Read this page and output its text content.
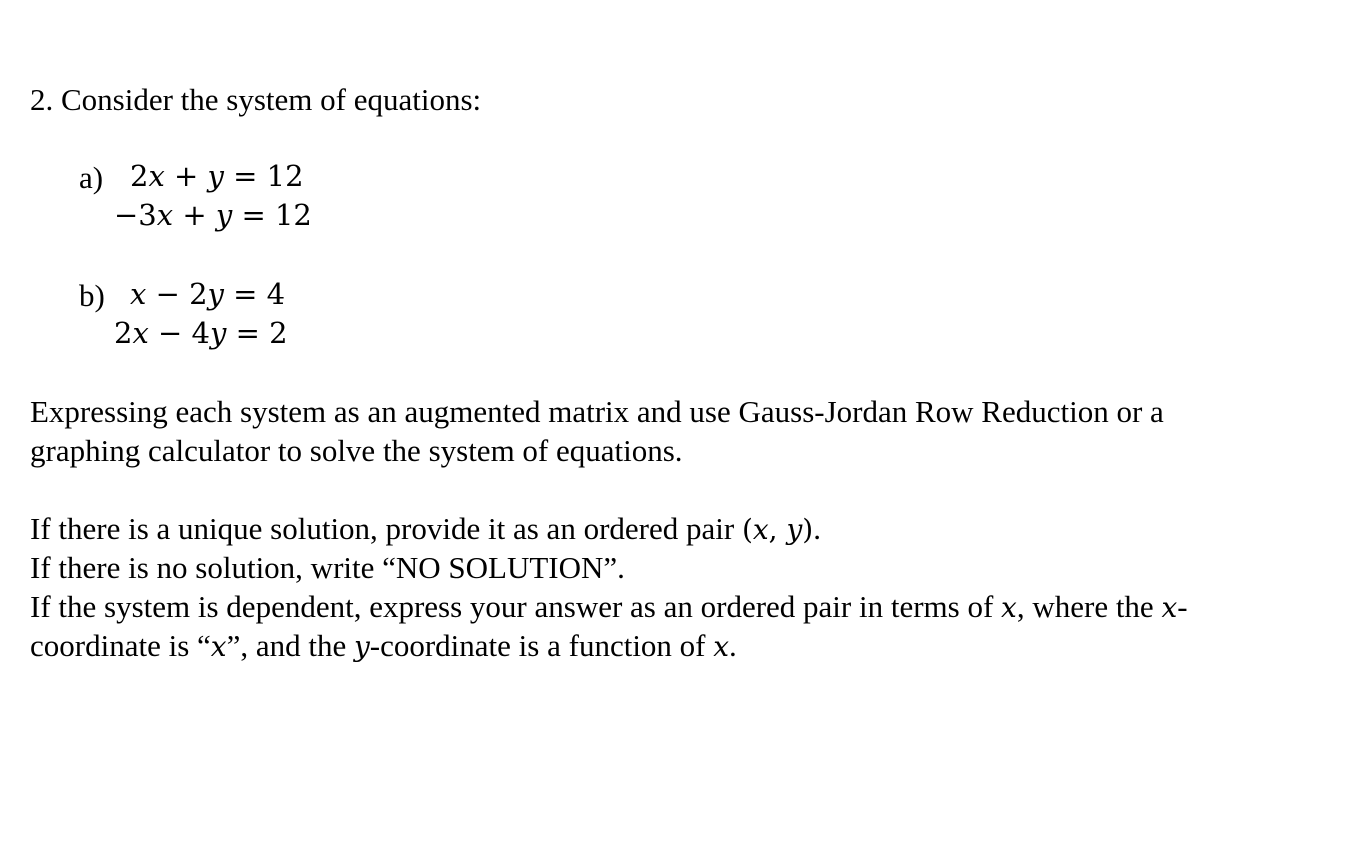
2. Consider the system of equations:
a) 2𝑥 + 𝑦 = 12
−3𝑥 + 𝑦 = 12
b) 𝑥 − 2𝑦 = 4
2𝑥 − 4𝑦 = 2
Expressing each system as an augmented matrix and use Gauss-Jordan Row Reduction or a
graphing calculator to solve the system of equations.
If there is a unique solution, provide it as an ordered pair (𝑥, 𝑦).
If there is no solution, write “NO SOLUTION”.
If the system is dependent, express your answer as an ordered pair in terms of 𝑥, where the 𝑥-
coordinate is “𝑥”, and the 𝑦-coordinate is a function of 𝑥.
